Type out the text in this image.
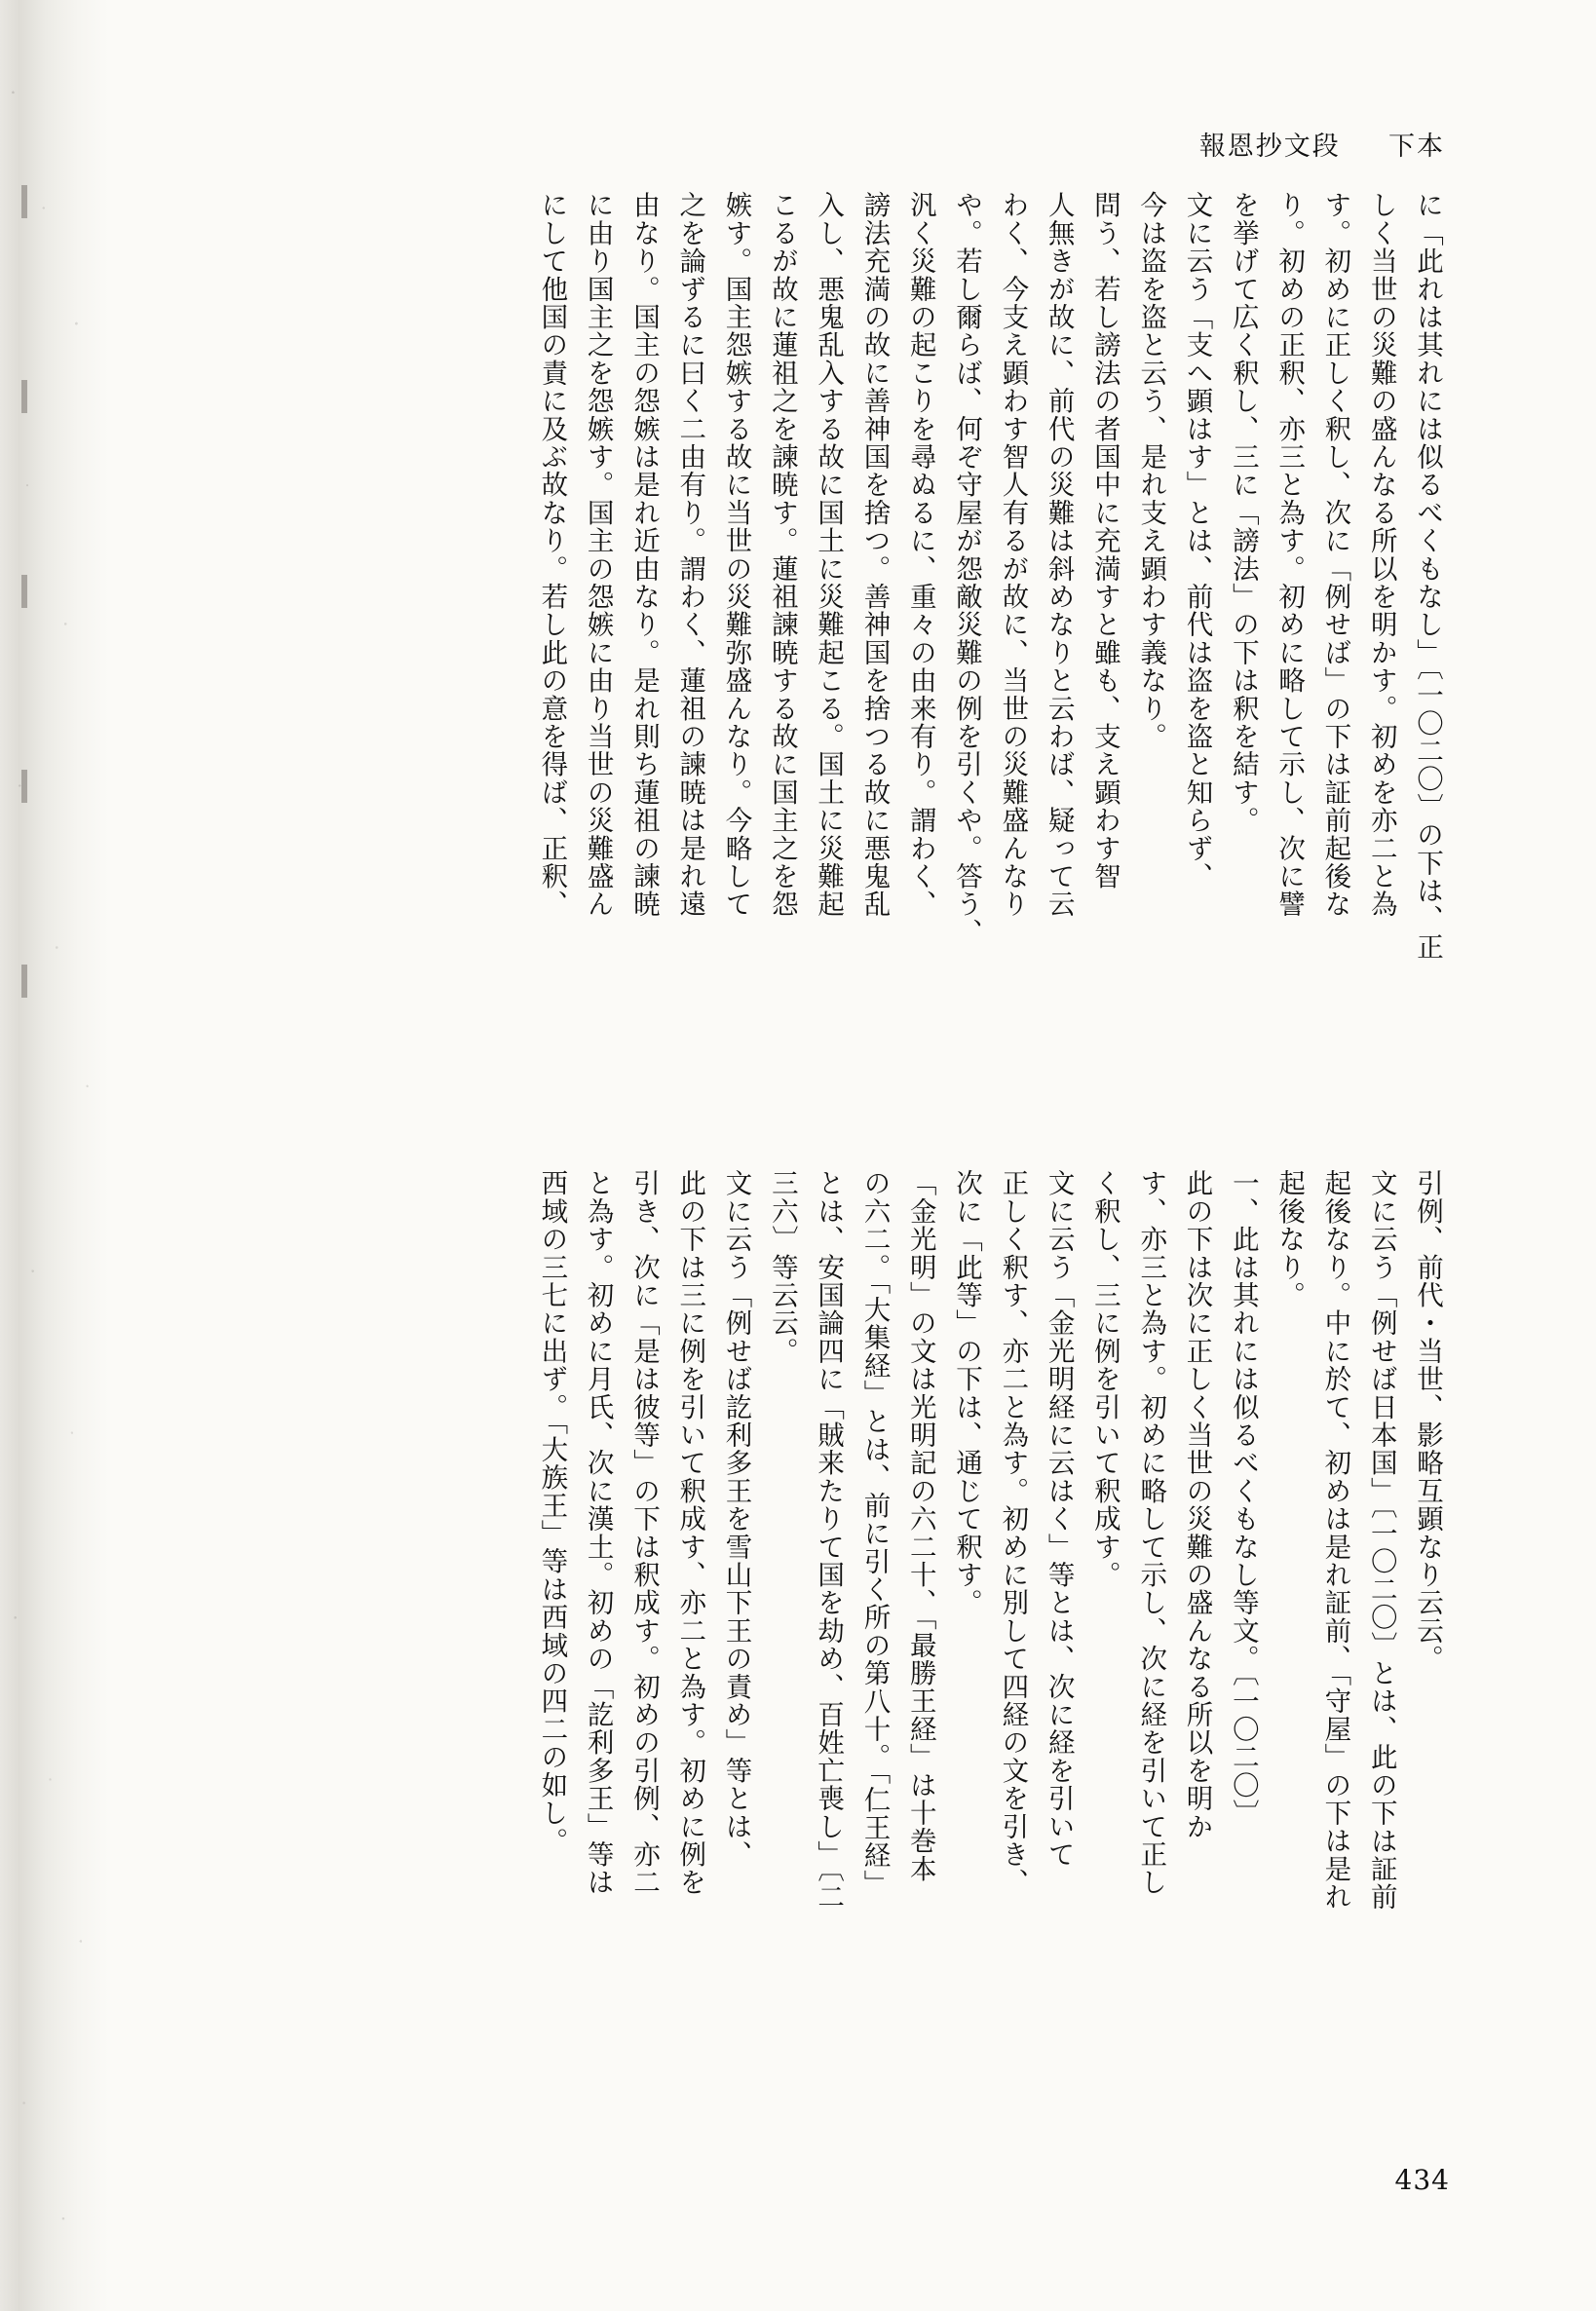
報恩抄文段 下本
に「此れは其れには似るべくもなし」〔一〇二〇〕の下は、正
しく当世の災難の盛んなる所以を明かす。初めを亦二と為
す。初めに正しく釈し、次に「例せば」の下は証前起後な
り。初めの正釈、亦三と為す。初めに略して示し、次に譬
を挙げて広く釈し、三に「謗法」の下は釈を結す。
文に云う「支へ顕はす」とは、前代は盗を盗と知らず、
今は盗を盗と云う、是れ支え顕わす義なり。
問う、若し謗法の者国中に充満すと雖も、支え顕わす智
人無きが故に、前代の災難は斜めなりと云わば、疑って云
わく、今支え顕わす智人有るが故に、当世の災難盛んなり
や。若し爾らば、何ぞ守屋が怨敵災難の例を引くや。答う、
汎く災難の起こりを尋ぬるに、重々の由来有り。謂わく、
謗法充満の故に善神国を捨つ。善神国を捨つる故に悪鬼乱
入し、悪鬼乱入する故に国土に災難起こる。国土に災難起
こるが故に蓮祖之を諫暁す。蓮祖諫暁する故に国主之を怨
嫉す。国主怨嫉する故に当世の災難弥盛んなり。今略して
之を論ずるに曰く二由有り。謂わく、蓮祖の諫暁は是れ遠
由なり。国主の怨嫉は是れ近由なり。是れ則ち蓮祖の諫暁
に由り国主之を怨嫉す。国主の怨嫉に由り当世の災難盛ん
にして他国の責に及ぶ故なり。若し此の意を得ば、正釈、
引例、前代・当世、影略互顕なり云云。
文に云う「例せば日本国」〔一〇二〇〕とは、此の下は証前
起後なり。中に於て、初めは是れ証前、「守屋」の下は是れ
起後なり。
一、此は其れには似るべくもなし等文。〔一〇二〇〕
此の下は次に正しく当世の災難の盛んなる所以を明か
す、亦三と為す。初めに略して示し、次に経を引いて正し
く釈し、三に例を引いて釈成す。
文に云う「金光明経に云はく」等とは、次に経を引いて
正しく釈す、亦二と為す。初めに別して四経の文を引き、
次に「此等」の下は、通じて釈す。
「金光明」の文は光明記の六二十、「最勝王経」は十巻本
の六二。「大集経」とは、前に引く所の第八十。「仁王経」
とは、安国論四に「賊来たりて国を劫め、百姓亡喪し」〔二
三六〕等云云。
文に云う「例せば訖利多王を雪山下王の責め」等とは、
此の下は三に例を引いて釈成す、亦二と為す。初めに例を
引き、次に「是は彼等」の下は釈成す。初めの引例、亦二
と為す。初めに月氏、次に漢土。初めの「訖利多王」等は
西域の三七に出ず。「大族王」等は西域の四二の如し。
434
